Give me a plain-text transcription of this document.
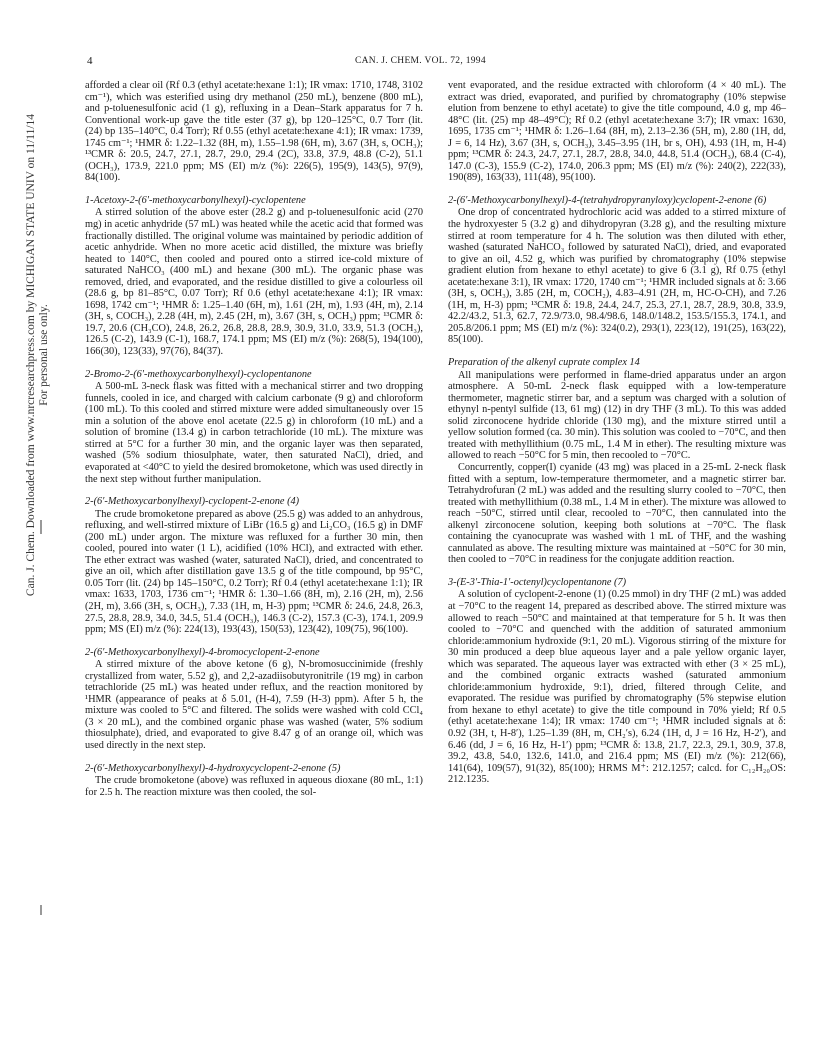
Can. J. Chem. Downloaded from www.nrcresearchpress.com by MICHIGAN STATE UNIV on 11/11/14 For personal use only.
4	CAN. J. CHEM. VOL. 72, 1994

afforded a clear oil (Rf 0.3 (ethyl acetate:hexane 1:1); IR νmax: 1710, 1748, 3102 cm⁻¹), which was esterified using dry methanol (250 mL), benzene (800 mL), and p-toluenesulfonic acid (1 g), refluxing in a Dean–Stark apparatus for 7 h. Conventional work-up gave the title ester (37 g), bp 120–125°C, 0.7 Torr (lit. (24) bp 135–140°C, 0.4 Torr); Rf 0.55 (ethyl acetate:hexane 4:1); IR νmax: 1739, 1745 cm⁻¹; ¹HMR δ: 1.22–1.32 (8H, m), 1.55–1.98 (6H, m), 3.67 (3H, s, OCH₃); ¹³CMR δ: 20.5, 24.7, 27.1, 28.7, 29.0, 29.4 (2C), 33.8, 37.9, 48.8 (C-2), 51.1 (OCH₃), 173.9, 221.0 ppm; MS (EI) m/z (%): 226(5), 195(9), 143(5), 97(9), 84(100).

1-Acetoxy-2-(6′-methoxycarbonylhexyl)-cyclopentene

A stirred solution of the above ester (28.2 g) and p-toluenesulfonic acid (270 mg) in acetic anhydride (57 mL) was heated while the acetic acid that formed was fractionally distilled. The original volume was maintained by periodic addition of acetic anhydride. When no more acetic acid distilled, the mixture was briefly heated to 140°C, then cooled and poured onto a stirred ice-cold mixture of saturated NaHCO₃ (400 mL) and hexane (300 mL). The organic phase was removed, dried, and evaporated, and the residue distilled to give a colourless oil (28.6 g, bp 81–85°C, 0.07 Torr); Rf 0.6 (ethyl acetate:hexane 4:1); IR νmax: 1698, 1742 cm⁻¹; ¹HMR δ: 1.25–1.40 (6H, m), 1.61 (2H, m), 1.93 (4H, m), 2.14 (3H, s, COCH₃), 2.28 (4H, m), 2.45 (2H, m), 3.67 (3H, s, OCH₃) ppm; ¹³CMR δ: 19.7, 20.6 (CH₃CO), 24.8, 26.2, 26.8, 28.8, 28.9, 30.9, 31.0, 33.9, 51.3 (OCH₃), 126.5 (C-2), 143.9 (C-1), 168.7, 174.1 ppm; MS (EI) m/z (%): 268(5), 194(100), 166(30), 123(33), 97(76), 84(37).

2-Bromo-2-(6′-methoxycarbonylhexyl)-cyclopentanone

A 500-mL 3-neck flask was fitted with a mechanical stirrer and two dropping funnels, cooled in ice, and charged with calcium carbonate (9 g) and chloroform (100 mL). To this cooled and stirred mixture were added simultaneously over 15 min a solution of the above enol acetate (22.5 g) in chloroform (10 mL) and a solution of bromine (13.4 g) in carbon tetrachloride (10 mL). The mixture was stirred at 5°C for a further 30 min, and the organic layer was then separated, washed (5% sodium thiosulphate, water, then saturated NaCl), dried, and evaporated at <40°C to yield the desired bromoketone, which was used directly in the next step without further manipulation.

2-(6′-Methoxycarbonylhexyl)-cyclopent-2-enone (4)

The crude bromoketone prepared as above (25.5 g) was added to an anhydrous, refluxing, and well-stirred mixture of LiBr (16.5 g) and Li₂CO₃ (16.5 g) in DMF (200 mL) under argon. The mixture was refluxed for a further 30 min, then cooled, poured into water (1 L), acidified (10% HCl), and extracted with ether. The ether extract was washed (water, saturated NaCl), dried, and concentrated to give an oil, which after distillation gave 13.5 g of the title compound, bp 95°C, 0.05 Torr (lit. (24) bp 145–150°C, 0.2 Torr); Rf 0.4 (ethyl acetate:hexane 1:1); IR νmax: 1633, 1703, 1736 cm⁻¹; ¹HMR δ: 1.30–1.66 (8H, m), 2.16 (2H, m), 2.56 (2H, m), 3.66 (3H, s, OCH₃), 7.33 (1H, m, H-3) ppm; ¹³CMR δ: 24.6, 24.8, 26.3, 27.5, 28.8, 28.9, 34.0, 34.5, 51.4 (OCH₃), 146.3 (C-2), 157.3 (C-3), 174.1, 209.9 ppm; MS (EI) m/z (%): 224(13), 193(43), 150(53), 123(42), 109(75), 96(100).

2-(6′-Methoxycarbonylhexyl)-4-bromocyclopent-2-enone

A stirred mixture of the above ketone (6 g), N-bromosuccinimide (freshly crystallized from water, 5.52 g), and 2,2-azadiisobutyronitrile (19 mg) in carbon tetrachloride (25 mL) was heated under reflux, and the reaction monitored by ¹HMR (appearance of peaks at δ 5.01, (H-4), 7.59 (H-3) ppm). After 5 h, the mixture was cooled to 5°C and filtered. The solids were washed with cold CCl₄ (3 × 20 mL), and the combined organic phase was washed (water, 5% sodium thiosulphate), dried, and evaporated to give 8.47 g of an orange oil, which was used directly in the next step.

2-(6′-Methoxycarbonylhexyl)-4-hydroxycyclopent-2-enone (5)

The crude bromoketone (above) was refluxed in aqueous dioxane (80 mL, 1:1) for 2.5 h. The reaction mixture was then cooled, the sol-

vent evaporated, and the residue extracted with chloroform (4 × 40 mL). The extract was dried, evaporated, and purified by chromatography (10% stepwise elution from benzene to ethyl acetate) to give the title compound, 4.0 g, mp 46–48°C (lit. (25) mp 48–49°C); Rf 0.2 (ethyl acetate:hexane 3:7); IR νmax: 1630, 1695, 1735 cm⁻¹; ¹HMR δ: 1.26–1.64 (8H, m), 2.13–2.36 (5H, m), 2.80 (1H, dd, J = 6, 14 Hz), 3.67 (3H, s, OCH₃), 3.45–3.95 (1H, br s, OH), 4.93 (1H, m, H-4) ppm; ¹³CMR δ: 24.3, 24.7, 27.1, 28.7, 28.8, 34.0, 44.8, 51.4 (OCH₃), 68.4 (C-4), 147.0 (C-3), 155.9 (C-2), 174.0, 206.3 ppm; MS (EI) m/z (%): 240(2), 222(33), 190(89), 163(33), 111(48), 95(100).

2-(6′-Methoxycarbonylhexyl)-4-(tetrahydropyranyloxy)cyclopent-2-enone (6)

One drop of concentrated hydrochloric acid was added to a stirred mixture of the hydroxyester 5 (3.2 g) and dihydropyran (3.28 g), and the resulting mixture stirred at room temperature for 4 h. The solution was then diluted with ether, washed (saturated NaHCO₃ followed by saturated NaCl), dried, and evaporated to give an oil, 4.52 g, which was purified by chromatography (10% stepwise gradient elution from hexane to ethyl acetate) to give 6 (3.1 g), Rf 0.75 (ethyl acetate:hexane 3:1), IR νmax: 1720, 1740 cm⁻¹; ¹HMR included signals at δ: 3.66 (3H, s, OCH₃), 3.85 (2H, m, COCH₂), 4.83–4.91 (2H, m, HC-O-CH), and 7.26 (1H, m, H-3) ppm; ¹³CMR δ: 19.8, 24.4, 24.7, 25.3, 27.1, 28.7, 28.9, 30.8, 33.9, 42.2/43.2, 51.3, 62.7, 72.9/73.0, 98.4/98.6, 148.0/148.2, 153.5/155.3, 174.1, and 205.8/206.1 ppm; MS (EI) m/z (%): 324(0.2), 293(1), 223(12), 191(25), 163(22), 85(100).

Preparation of the alkenyl cuprate complex 14

All manipulations were performed in flame-dried apparatus under an argon atmosphere. A 50-mL 2-neck flask equipped with a low-temperature thermometer, magnetic stirrer bar, and a septum was charged with a solution of ethynyl n-pentyl sulfide (13, 61 mg) (12) in dry THF (3 mL). To this was added solid zirconocene hydride chloride (130 mg), and the mixture stirred until a yellow solution formed (ca. 30 min). This solution was cooled to −70°C, and then treated with methyllithium (0.75 mL, 1.4 M in ether). The resulting mixture was allowed to reach −50°C for 5 min, then recooled to −70°C.

Concurrently, copper(I) cyanide (43 mg) was placed in a 25-mL 2-neck flask fitted with a septum, low-temperature thermometer, and a magnetic stirrer bar. Tetrahydrofuran (2 mL) was added and the resulting slurry cooled to −70°C, then treated with methyllithium (0.38 mL, 1.4 M in ether). The mixture was allowed to reach −50°C, stirred until clear, recooled to −70°C, then cannulated into the alkenyl zirconocene solution, keeping both solutions at −70°C. The flask containing the cyanocuprate was washed with 1 mL of THF, and the washing cannulated as above. The resulting mixture was maintained at −50°C for 30 min, then cooled to −70°C in readiness for the conjugate addition reaction.

3-(E-3′-Thia-1′-octenyl)cyclopentanone (7)

A solution of cyclopent-2-enone (1) (0.25 mmol) in dry THF (2 mL) was added at −70°C to the reagent 14, prepared as described above. The stirred mixture was allowed to reach −50°C and maintained at that temperature for 5 h. It was then cooled to −70°C and quenched with the addition of saturated ammonium chloride:ammonium hydroxide (9:1, 20 mL). Vigorous stirring of the mixture for 30 min produced a deep blue aqueous layer and a pale yellow organic layer, which was separated. The aqueous layer was extracted with ether (3 × 25 mL), and the combined organic extracts washed (saturated ammonium chloride:ammonium hydroxide, 9:1), dried, filtered through Celite, and evaporated. The residue was purified by chromatography (5% stepwise elution from hexane to ethyl acetate) to give the title compound in 70% yield; Rf 0.5 (ethyl acetate:hexane 1:4); IR νmax: 1740 cm⁻¹; ¹HMR included signals at δ: 0.92 (3H, t, H-8′), 1.25–1.39 (8H, m, CH₂′s), 6.24 (1H, d, J = 16 Hz, H-2′), and 6.46 (dd, J = 6, 16 Hz, H-1′) ppm; ¹³CMR δ: 13.8, 21.7, 22.3, 29.1, 30.9, 37.8, 39.2, 43.8, 54.0, 132.6, 141.0, and 216.4 ppm; MS (EI) m/z (%): 212(66), 141(64), 109(57), 91(32), 85(100); HRMS M⁺: 212.1257; calcd. for C₁₂H₂₀OS: 212.1235.
